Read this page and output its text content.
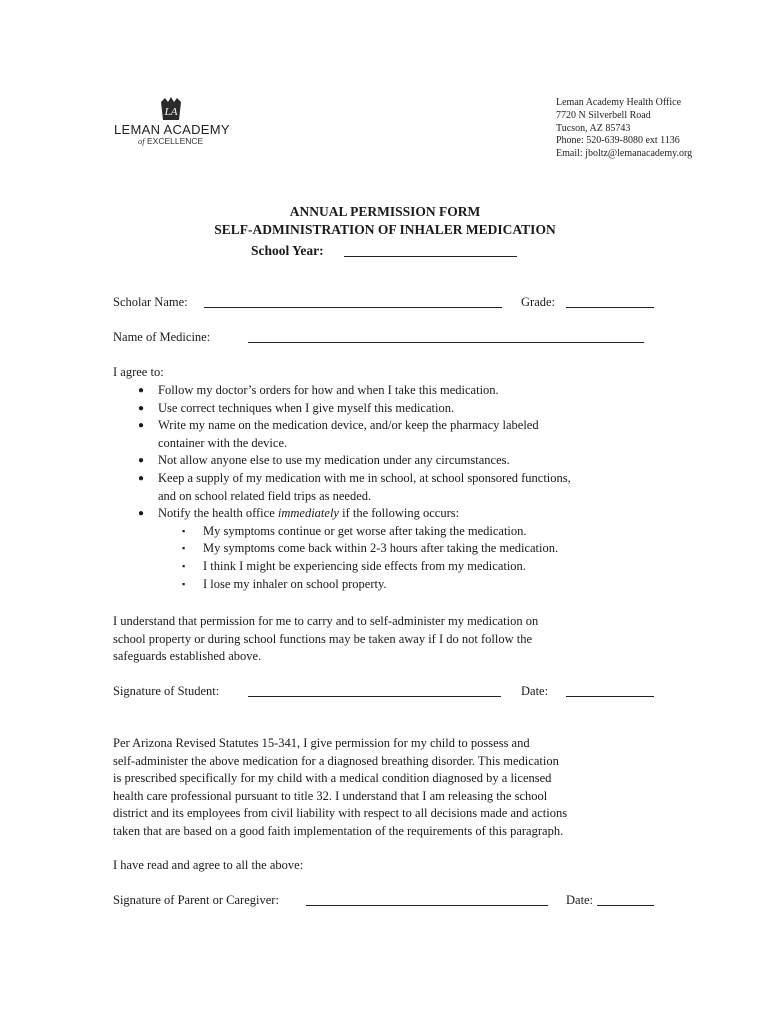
LA
LEMAN ACADEMY
of EXCELLENCE
Leman Academy Health Office
7720 N Silverbell Road
Tucson, AZ 85743
Phone: 520-639-8080 ext 1136
Email: jboltz@lemanacademy.org
ANNUAL PERMISSION FORM
SELF-ADMINISTRATION OF INHALER MEDICATION
School Year:
Scholar Name:	Grade:
Name of Medicine:
I agree to:
● Follow my doctor’s orders for how and when I take this medication.
● Use correct techniques when I give myself this medication.
● Write my name on the medication device, and/or keep the pharmacy labeled
container with the device.
● Not allow anyone else to use my medication under any circumstances.
● Keep a supply of my medication with me in school, at school sponsored functions,
and on school related field trips as needed.
● Notify the health office immediately if the following occurs:
▪ My symptoms continue or get worse after taking the medication.
▪ My symptoms come back within 2-3 hours after taking the medication.
▪ I think I might be experiencing side effects from my medication.
▪ I lose my inhaler on school property.
I understand that permission for me to carry and to self-administer my medication on
school property or during school functions may be taken away if I do not follow the
safeguards established above.
Signature of Student:	Date:
Per Arizona Revised Statutes 15-341, I give permission for my child to possess and
self-administer the above medication for a diagnosed breathing disorder. This medication
is prescribed specifically for my child with a medical condition diagnosed by a licensed
health care professional pursuant to title 32. I understand that I am releasing the school
district and its employees from civil liability with respect to all decisions made and actions
taken that are based on a good faith implementation of the requirements of this paragraph.
I have read and agree to all the above:
Signature of Parent or Caregiver:	Date:
